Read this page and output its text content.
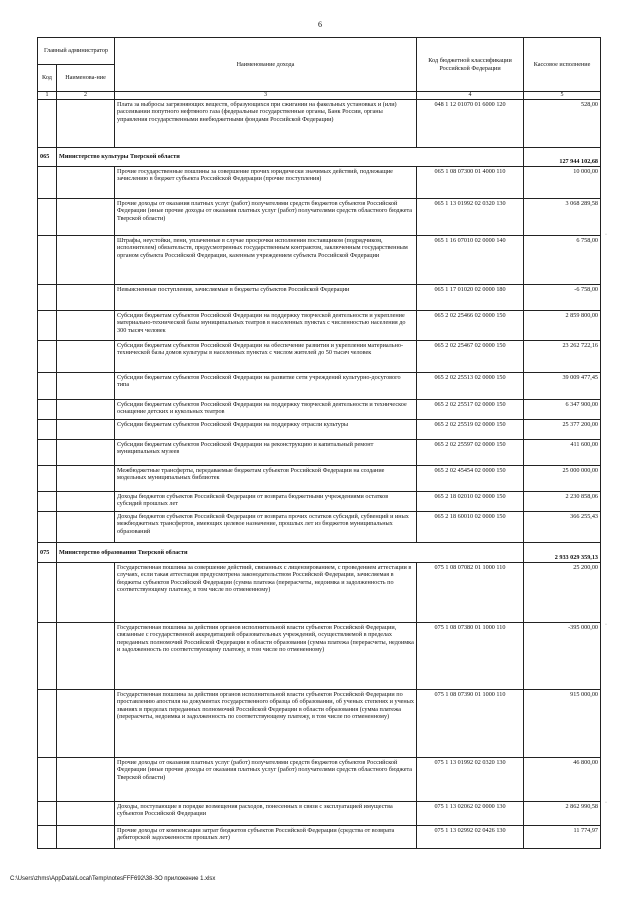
6
Главный администратор		Наименование дохода	Код бюджетной классификации Российской Федерации	Кассовое исполнение
Код	Наименова-ние			
1	2	3	4	5
		Плата за выбросы загрязняющих веществ, образующихся при сжигании на факельных установках и (или) рассеивании попутного нефтяного газа (федеральные государственные органы, Банк России, органы управления государственными внебюджетными фондами Российской Федерации)	048 1 12 01070 01 6000 120	528,00
065	Министерство культуры Тверской области			127 944 102,68
		Прочие государственные пошлины за совершение прочих юридически значимых действий, подлежащие зачислению в бюджет субъекта Российской Федерации (прочие поступления)	065 1 08 07300 01 4000 110	10 000,00
		Прочие доходы от оказания платных услуг (работ) получателями средств бюджетов субъектов Российской Федерации (иные прочие доходы от оказания платных услуг (работ) получателями средств областного бюджета Тверской области)	065 1 13 01992 02 0320 130	3 068 289,58
		Штрафы, неустойки, пени, уплаченные в случае просрочки исполнения поставщиком (подрядчиком, исполнителем) обязательств, предусмотренных государственным контрактом, заключенным государственным органом субъекта Российской Федерации, казенным учреждением субъекта Российской Федерации	065 1 16 07010 02 0000 140	6 758,00
		Невыясненные поступления, зачисляемые в бюджеты субъектов Российской Федерации	065 1 17 01020 02 0000 180	-6 758,00
		Субсидии бюджетам субъектов Российской Федерации на поддержку творческой деятельности и укрепление материально-технической базы муниципальных театров в населенных пунктах с численностью населения до 300 тысяч человек	065 2 02 25466 02 0000 150	2 859 800,00
		Субсидии бюджетам субъектов Российской Федерации на обеспечение развития и укрепления материально-технической базы домов культуры в населенных пунктах с числом жителей до 50 тысяч человек	065 2 02 25467 02 0000 150	23 262 722,16
		Субсидии бюджетам субъектов Российской Федерации на развитие сети учреждений культурно-досугового типа	065 2 02 25513 02 0000 150	39 009 477,45
		Субсидии бюджетам субъектов Российской Федерации на поддержку творческой деятельности и техническое оснащение детских и кукольных театров	065 2 02 25517 02 0000 150	6 347 900,00
		Субсидии бюджетам субъектов Российской Федерации на поддержку отрасли культуры	065 2 02 25519 02 0000 150	25 377 200,00
		Субсидии бюджетам субъектов Российской Федерации на реконструкцию и капитальный ремонт муниципальных музеев	065 2 02 25597 02 0000 150	411 600,00
		Межбюджетные трансферты, передаваемые бюджетам субъектов Российской Федерации на создание модельных муниципальных библиотек	065 2 02 45454 02 0000 150	25 000 000,00
		Доходы бюджетов субъектов Российской Федерации от возврата бюджетными учреждениями остатков субсидий прошлых лет	065 2 18 02010 02 0000 150	2 230 858,06
		Доходы бюджетов субъектов Российской Федерации от возврата прочих остатков субсидий, субвенций и иных межбюджетных трансфертов, имеющих целевое назначение, прошлых лет из бюджетов муниципальных образований	065 2 18 60010 02 0000 150	366 255,43
075	Министерство образования Тверской области			2 933 029 359,13
		Государственная пошлина за совершение действий, связанных с лицензированием, с проведением аттестации в случаях, если такая аттестация предусмотрена законодательством Российской Федерации, зачисляемая в бюджеты субъектов Российской Федерации (сумма платежа (перерасчеты, недоимка и задолженность по соответствующему платежу, в том числе по отмененному)	075 1 08 07082 01 1000 110	25 200,00
		Государственная пошлина за действия органов исполнительной власти субъектов Российской Федерации, связанные с государственной аккредитацией образовательных учреждений, осуществляемой в пределах переданных полномочий Российской Федерации в области образования (сумма платежа (перерасчеты, недоимка и задолженность по соответствующему платежу, в том числе по отмененному)	075 1 08 07380 01 1000 110	-395 000,00
		Государственная пошлина за действия органов исполнительной власти субъектов Российской Федерации по проставлению апостиля на документах государственного образца об образовании, об ученых степенях и ученых званиях в пределах переданных полномочий Российской Федерации в области образования (сумма платежа (перерасчеты, недоимка и задолженность по соответствующему платежу, в том числе по отмененному)	075 1 08 07390 01 1000 110	915 000,00
		Прочие доходы от оказания платных услуг (работ) получателями средств бюджетов субъектов Российской Федерации (иные прочие доходы от оказания платных услуг (работ) получателями средств областного бюджета Тверской области)	075 1 13 01992 02 0320 130	46 800,00
		Доходы, поступающие в порядке возмещения расходов, понесенных в связи с эксплуатацией имущества субъектов Российской Федерации	075 1 13 02062 02 0000 130	2 862 990,58
		Прочие доходы от компенсации затрат бюджетов субъектов Российской Федерации (средства от возврата дебиторской задолженности прошлых лет)	075 1 13 02992 02 0426 130	11 774,97
·
·
·
C:\Users\zhms\AppData\Local\Temp\notesFFF692\38-ЗО приложение 1.xlsx
